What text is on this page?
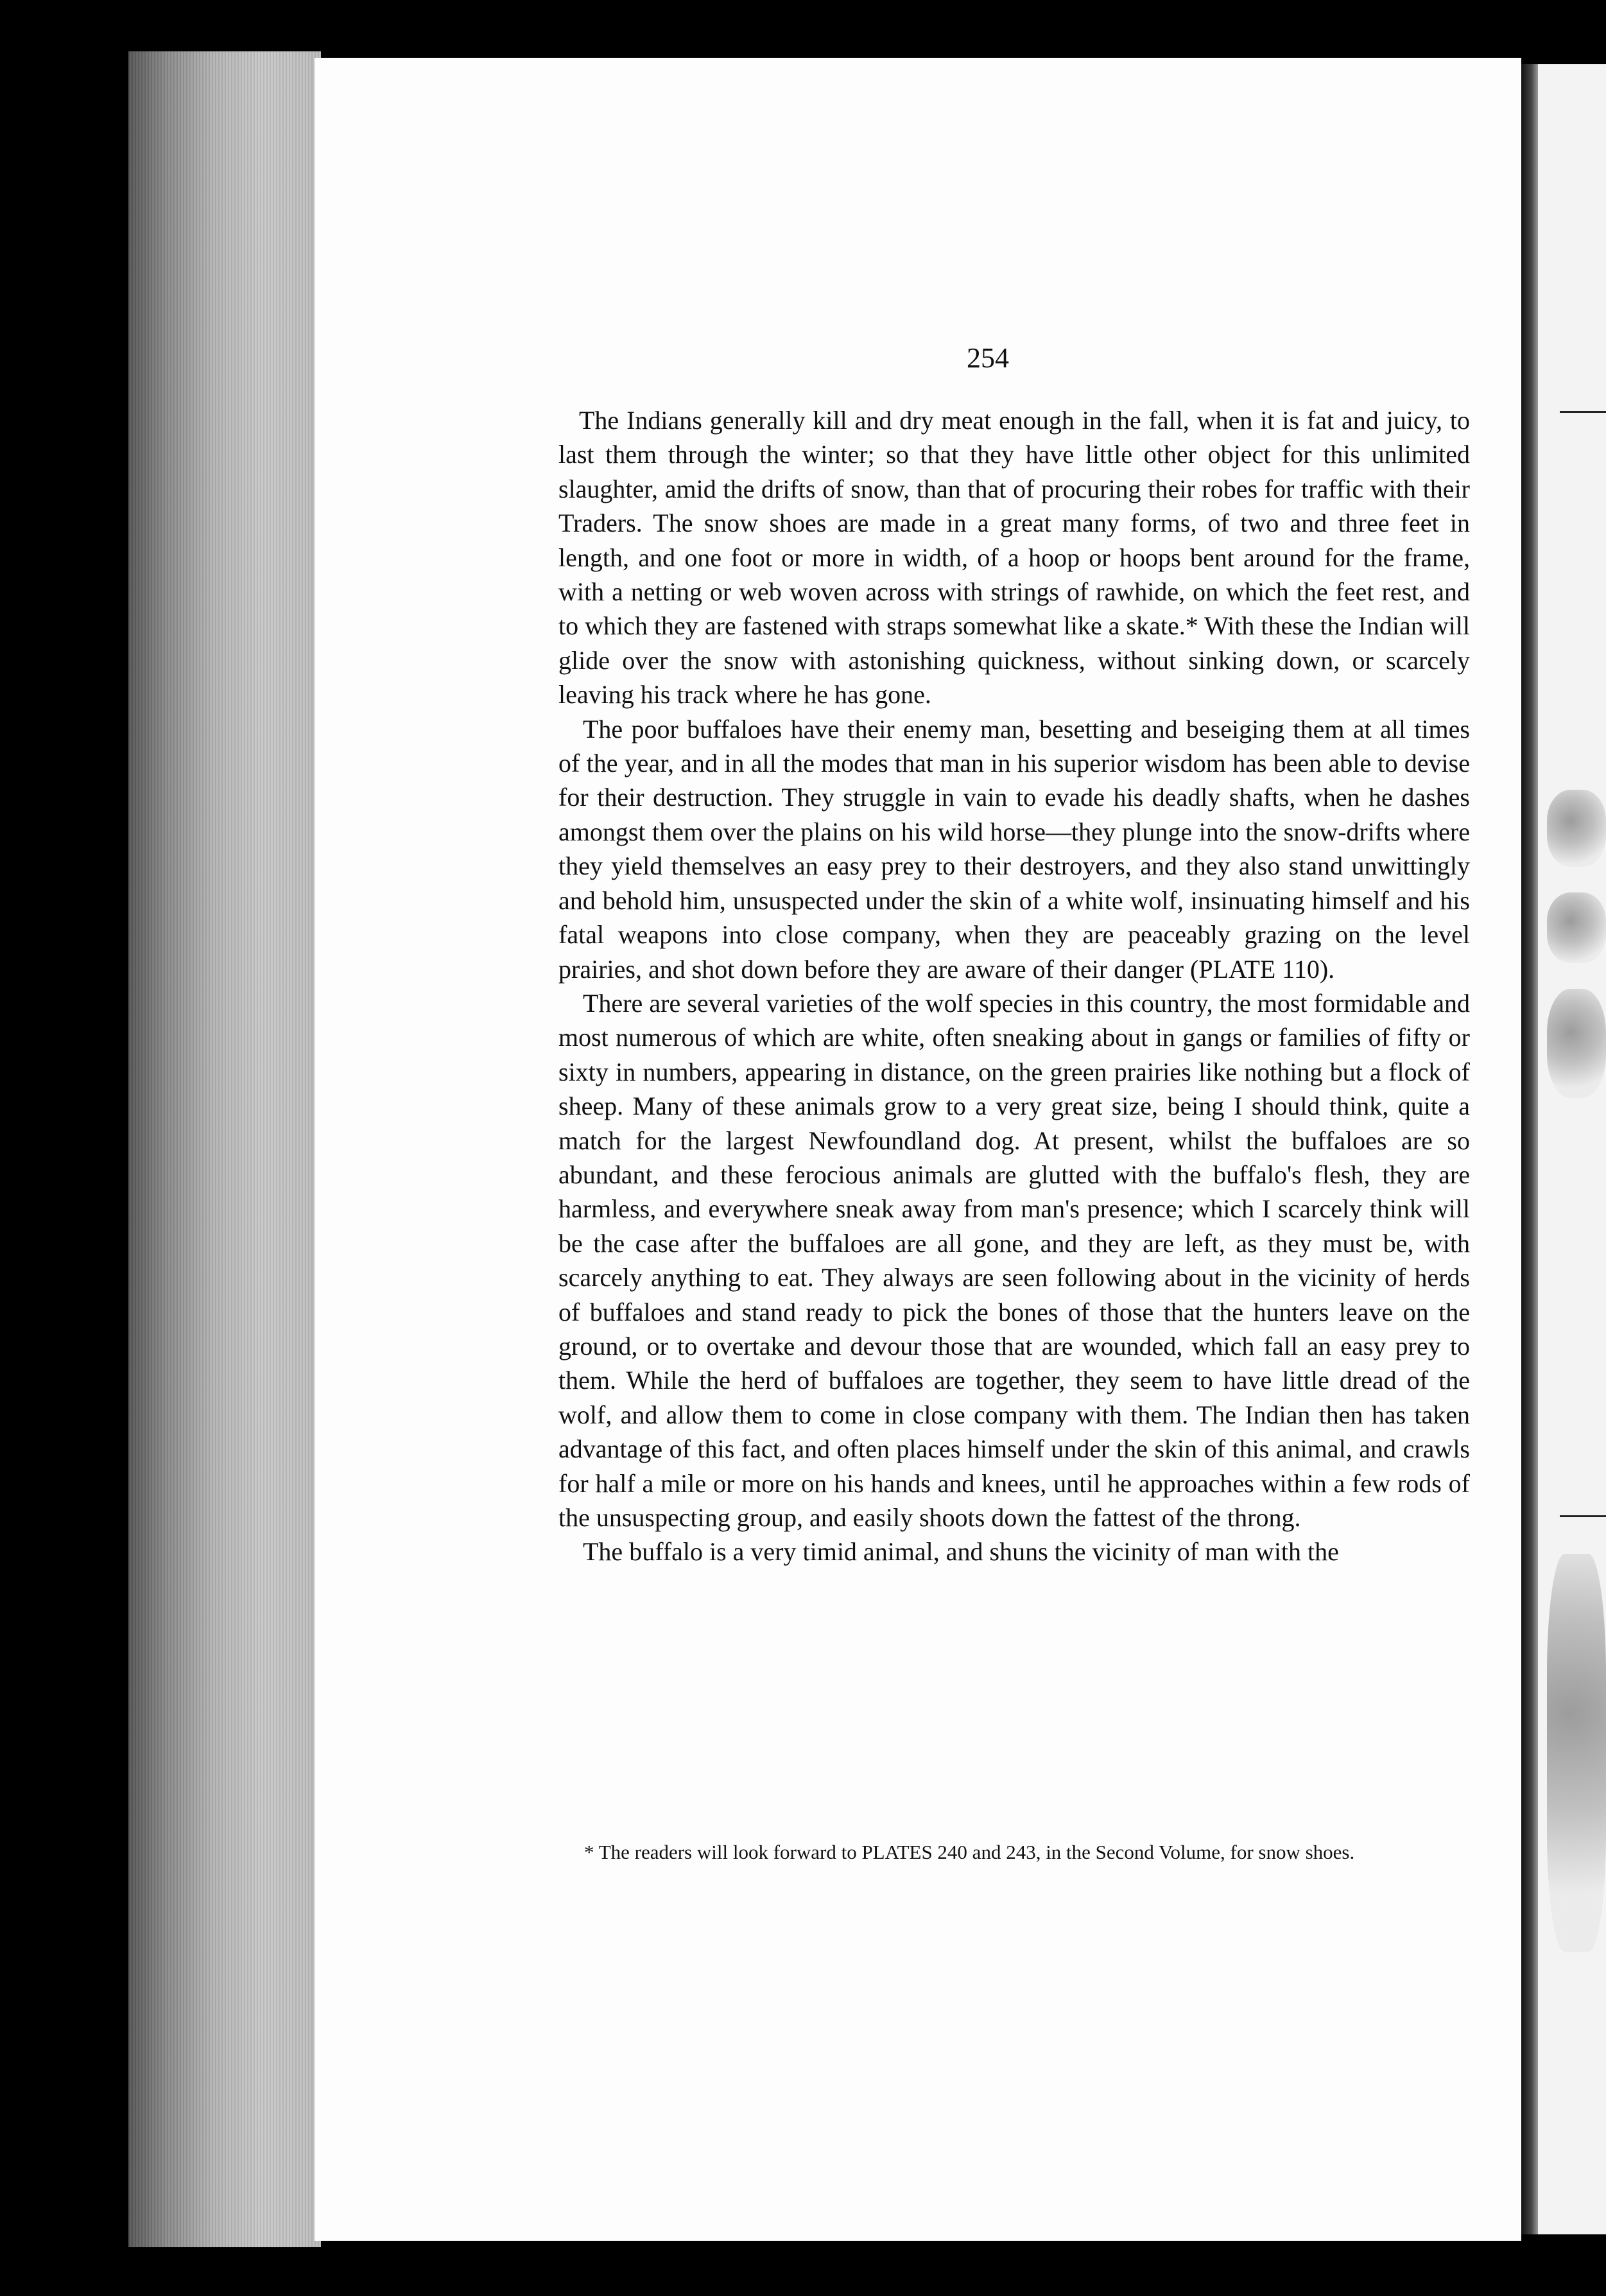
254

The Indians generally kill and dry meat enough in the fall, when it is fat and juicy, to last them through the winter; so that they have little other object for this unlimited slaughter, amid the drifts of snow, than that of procuring their robes for traffic with their Traders. The snow shoes are made in a great many forms, of two and three feet in length, and one foot or more in width, of a hoop or hoops bent around for the frame, with a netting or web woven across with strings of rawhide, on which the feet rest, and to which they are fastened with straps somewhat like a skate.* With these the Indian will glide over the snow with astonishing quickness, without sinking down, or scarcely leaving his track where he has gone.

The poor buffaloes have their enemy man, besetting and beseiging them at all times of the year, and in all the modes that man in his superior wisdom has been able to devise for their destruction. They struggle in vain to evade his deadly shafts, when he dashes amongst them over the plains on his wild horse—they plunge into the snow-drifts where they yield themselves an easy prey to their destroyers, and they also stand unwittingly and behold him, unsuspected under the skin of a white wolf, insinuating himself and his fatal weapons into close company, when they are peaceably grazing on the level prairies, and shot down before they are aware of their danger (PLATE 110).

There are several varieties of the wolf species in this country, the most formidable and most numerous of which are white, often sneaking about in gangs or families of fifty or sixty in numbers, appearing in distance, on the green prairies like nothing but a flock of sheep. Many of these animals grow to a very great size, being I should think, quite a match for the largest Newfoundland dog. At present, whilst the buffaloes are so abundant, and these ferocious animals are glutted with the buffalo's flesh, they are harmless, and everywhere sneak away from man's presence; which I scarcely think will be the case after the buffaloes are all gone, and they are left, as they must be, with scarcely anything to eat. They always are seen following about in the vicinity of herds of buffaloes and stand ready to pick the bones of those that the hunters leave on the ground, or to overtake and devour those that are wounded, which fall an easy prey to them. While the herd of buffaloes are together, they seem to have little dread of the wolf, and allow them to come in close company with them. The Indian then has taken advantage of this fact, and often places himself under the skin of this animal, and crawls for half a mile or more on his hands and knees, until he approaches within a few rods of the unsuspecting group, and easily shoots down the fattest of the throng.

The buffalo is a very timid animal, and shuns the vicinity of man with the

* The readers will look forward to PLATES 240 and 243, in the Second Volume, for snow shoes.
